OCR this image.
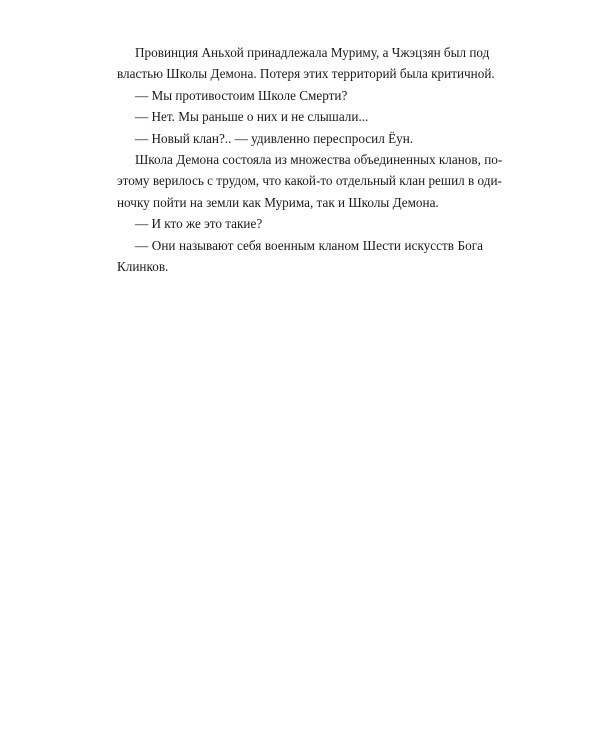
Провинция Аньхой принадлежала Муриму, а Чжэцзян был под
властью Школы Демона. Потеря этих территорий была критичной.
— Мы противостоим Школе Смерти?
— Нет. Мы раньше о них и не слышали...
— Новый клан?.. — удивленно переспросил Ёун.
Школа Демона состояла из множества объединенных кланов, по-
этому верилось с трудом, что какой-то отдельный клан решил в оди-
ночку пойти на земли как Мурима, так и Школы Демона.
— И кто же это такие?
— Они называют себя военным кланом Шести искусств Бога
Клинков.
